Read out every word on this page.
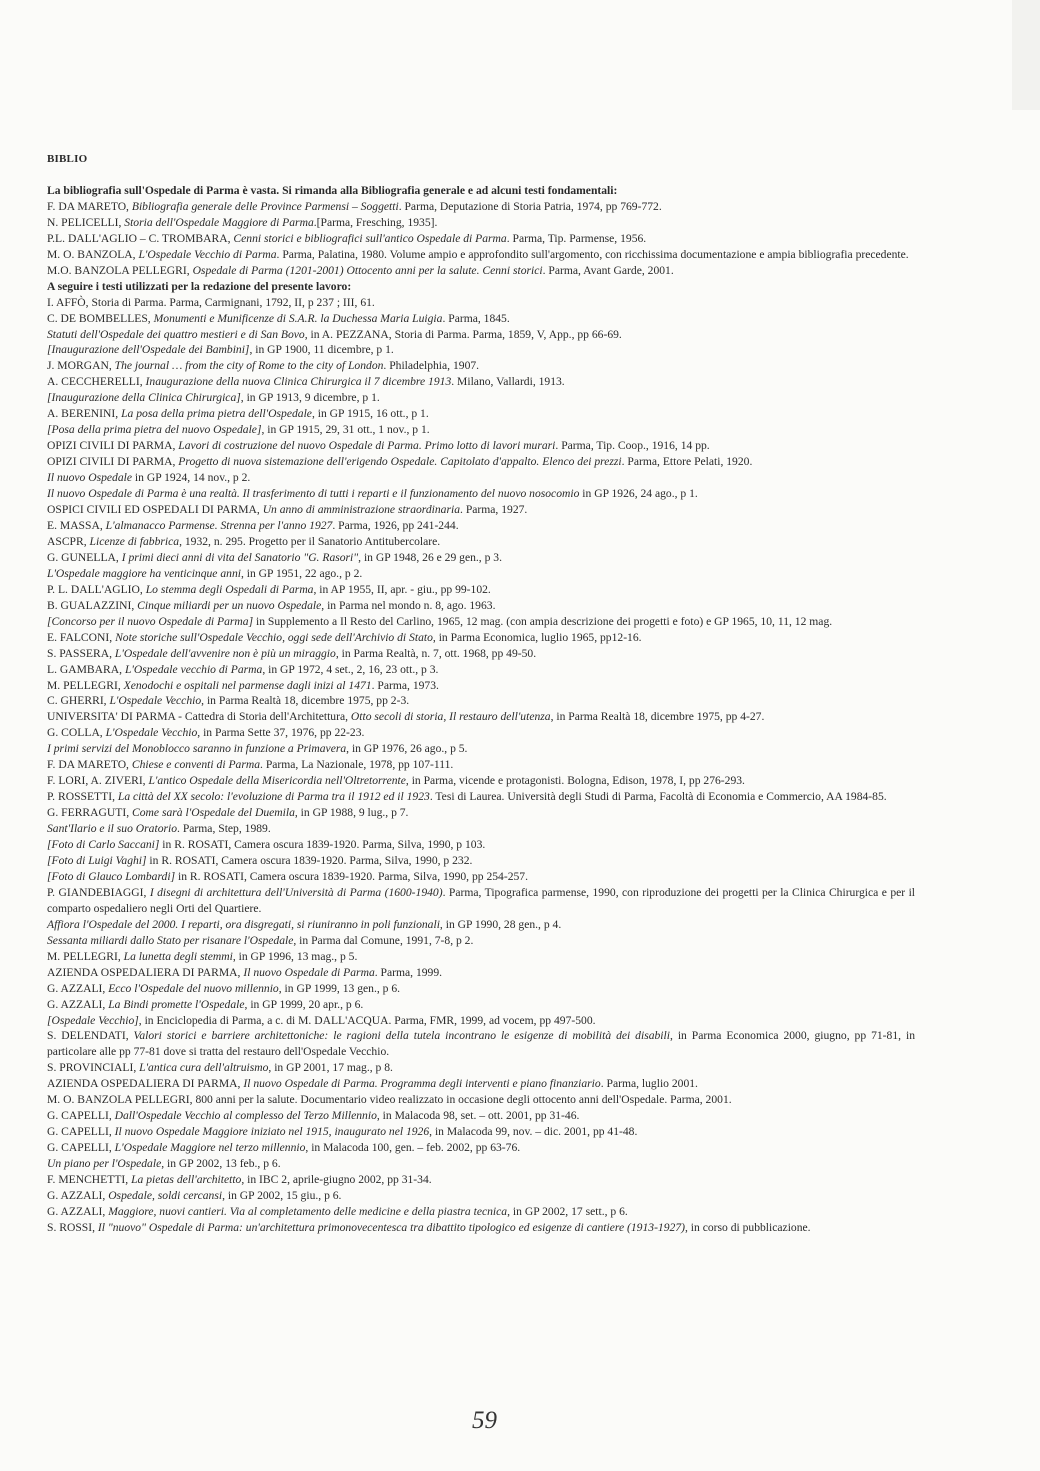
BIBLIO
La bibliografia sull'Ospedale di Parma è vasta. Si rimanda alla Bibliografia generale e ad alcuni testi fondamentali:
F. DA MARETO, Bibliografia generale delle Province Parmensi – Soggetti. Parma, Deputazione di Storia Patria, 1974, pp 769-772.
N. PELICELLI, Storia dell'Ospedale Maggiore di Parma.[Parma, Fresching, 1935].
P.L. DALL'AGLIO – C. TROMBARA, Cenni storici e bibliografici sull'antico Ospedale di Parma. Parma, Tip. Parmense, 1956.
M. O. BANZOLA, L'Ospedale Vecchio di Parma. Parma, Palatina, 1980. Volume ampio e approfondito sull'argomento, con ricchissima documentazione e ampia bibliografia precedente.
M.O. BANZOLA PELLEGRI, Ospedale di Parma (1201-2001) Ottocento anni per la salute. Cenni storici. Parma, Avant Garde, 2001.
A seguire i testi utilizzati per la redazione del presente lavoro:
I. AFFÒ, Storia di Parma. Parma, Carmignani, 1792, II, p 237 ; III, 61.
C. DE BOMBELLES, Monumenti e Munificenze di S.A.R. la Duchessa Maria Luigia. Parma, 1845.
Statuti dell'Ospedale dei quattro mestieri e di San Bovo, in A. PEZZANA, Storia di Parma. Parma, 1859, V, App., pp 66-69.
[Inaugurazione dell'Ospedale dei Bambini], in GP 1900, 11 dicembre, p 1.
J. MORGAN, The journal … from the city of Rome to the city of London. Philadelphia, 1907.
A. CECCHERELLI, Inaugurazione della nuova Clinica Chirurgica il 7 dicembre 1913. Milano, Vallardi, 1913.
[Inaugurazione della Clinica Chirurgica], in GP 1913, 9 dicembre, p 1.
A. BERENINI, La posa della prima pietra dell'Ospedale, in GP 1915, 16 ott., p 1.
[Posa della prima pietra del nuovo Ospedale], in GP 1915, 29, 31 ott., 1 nov., p 1.
OPIZI CIVILI DI PARMA, Lavori di costruzione del nuovo Ospedale di Parma. Primo lotto di lavori murari. Parma, Tip. Coop., 1916, 14 pp.
OPIZI CIVILI DI PARMA, Progetto di nuova sistemazione dell'erigendo Ospedale. Capitolato d'appalto. Elenco dei prezzi. Parma, Ettore Pelati, 1920.
Il nuovo Ospedale in GP 1924, 14 nov., p 2.
Il nuovo Ospedale di Parma è una realtà. Il trasferimento di tutti i reparti e il funzionamento del nuovo nosocomio in GP 1926, 24 ago., p 1.
OSPICI CIVILI ED OSPEDALI DI PARMA, Un anno di amministrazione straordinaria. Parma, 1927.
E. MASSA, L'almanacco Parmense. Strenna per l'anno 1927. Parma, 1926, pp 241-244.
ASCPR, Licenze di fabbrica, 1932, n. 295. Progetto per il Sanatorio Antitubercolare.
G. GUNELLA, I primi dieci anni di vita del Sanatorio "G. Rasori", in GP 1948, 26 e 29 gen., p 3.
L'Ospedale maggiore ha venticinque anni, in GP 1951, 22 ago., p 2.
P. L. DALL'AGLIO, Lo stemma degli Ospedali di Parma, in AP 1955, II, apr. - giu., pp 99-102.
B. GUALAZZINI, Cinque miliardi per un nuovo Ospedale, in Parma nel mondo n. 8, ago. 1963.
[Concorso per il nuovo Ospedale di Parma] in Supplemento a Il Resto del Carlino, 1965, 12 mag. (con ampia descrizione dei progetti e foto) e GP 1965, 10, 11, 12 mag.
E. FALCONI, Note storiche sull'Ospedale Vecchio, oggi sede dell'Archivio di Stato, in Parma Economica, luglio 1965, pp12-16.
S. PASSERA, L'Ospedale dell'avvenire non è più un miraggio, in Parma Realtà, n. 7, ott. 1968, pp 49-50.
L. GAMBARA, L'Ospedale vecchio di Parma, in GP 1972, 4 set., 2, 16, 23 ott., p 3.
M. PELLEGRI, Xenodochi e ospitali nel parmense dagli inizi al 1471. Parma, 1973.
C. GHERRI, L'Ospedale Vecchio, in Parma Realtà 18, dicembre 1975, pp 2-3.
UNIVERSITA' DI PARMA - Cattedra di Storia dell'Architettura, Otto secoli di storia, Il restauro dell'utenza, in Parma Realtà 18, dicembre 1975, pp 4-27.
G. COLLA, L'Ospedale Vecchio, in Parma Sette 37, 1976, pp 22-23.
I primi servizi del Monoblocco saranno in funzione a Primavera, in GP 1976, 26 ago., p 5.
F. DA MARETO, Chiese e conventi di Parma. Parma, La Nazionale, 1978, pp 107-111.
F. LORI, A. ZIVERI, L'antico Ospedale della Misericordia nell'Oltretorrente, in Parma, vicende e protagonisti. Bologna, Edison, 1978, I, pp 276-293.
P. ROSSETTI, La città del XX secolo: l'evoluzione di Parma tra il 1912 ed il 1923. Tesi di Laurea. Università degli Studi di Parma, Facoltà di Economia e Commercio, AA 1984-85.
G. FERRAGUTI, Come sarà l'Ospedale del Duemila, in GP 1988, 9 lug., p 7.
Sant'Ilario e il suo Oratorio. Parma, Step, 1989.
[Foto di Carlo Saccani] in R. ROSATI, Camera oscura 1839-1920. Parma, Silva, 1990, p 103.
[Foto di Luigi Vaghi] in R. ROSATI, Camera oscura 1839-1920. Parma, Silva, 1990, p 232.
[Foto di Glauco Lombardi] in R. ROSATI, Camera oscura 1839-1920. Parma, Silva, 1990, pp 254-257.
P. GIANDEBIAGGI, I disegni di architettura dell'Università di Parma (1600-1940). Parma, Tipografica parmense, 1990, con riproduzione dei progetti per la Clinica Chirurgica e per il comparto ospedaliero negli Orti del Quartiere.
Affiora l'Ospedale del 2000. I reparti, ora disgregati, si riuniranno in poli funzionali, in GP 1990, 28 gen., p 4.
Sessanta miliardi dallo Stato per risanare l'Ospedale, in Parma dal Comune, 1991, 7-8, p 2.
M. PELLEGRI, La lunetta degli stemmi, in GP 1996, 13 mag., p 5.
AZIENDA OSPEDALIERA DI PARMA, Il nuovo Ospedale di Parma. Parma, 1999.
G. AZZALI, Ecco l'Ospedale del nuovo millennio, in GP 1999, 13 gen., p 6.
G. AZZALI, La Bindi promette l'Ospedale, in GP 1999, 20 apr., p 6.
[Ospedale Vecchio], in Enciclopedia di Parma, a c. di M. DALL'ACQUA. Parma, FMR, 1999, ad vocem, pp 497-500.
S. DELENDATI, Valori storici e barriere architettoniche: le ragioni della tutela incontrano le esigenze di mobilità dei disabili, in Parma Economica 2000, giugno, pp 71-81, in particolare alle pp 77-81 dove si tratta del restauro dell'Ospedale Vecchio.
S. PROVINCIALI, L'antica cura dell'altruismo, in GP 2001, 17 mag., p 8.
AZIENDA OSPEDALIERA DI PARMA, Il nuovo Ospedale di Parma. Programma degli interventi e piano finanziario. Parma, luglio 2001.
M. O. BANZOLA PELLEGRI, 800 anni per la salute. Documentario video realizzato in occasione degli ottocento anni dell'Ospedale. Parma, 2001.
G. CAPELLI, Dall'Ospedale Vecchio al complesso del Terzo Millennio, in Malacoda 98, set. – ott. 2001, pp 31-46.
G. CAPELLI, Il nuovo Ospedale Maggiore iniziato nel 1915, inaugurato nel 1926, in Malacoda 99, nov. – dic. 2001, pp 41-48.
G. CAPELLI, L'Ospedale Maggiore nel terzo millennio, in Malacoda 100, gen. – feb. 2002, pp 63-76.
Un piano per l'Ospedale, in GP 2002, 13 feb., p 6.
F. MENCHETTI, La pietas dell'architetto, in IBC 2, aprile-giugno 2002, pp 31-34.
G. AZZALI, Ospedale, soldi cercansi, in GP 2002, 15 giu., p 6.
G. AZZALI, Maggiore, nuovi cantieri. Via al completamento delle medicine e della piastra tecnica, in GP 2002, 17 sett., p 6.
S. ROSSI, Il "nuovo" Ospedale di Parma: un'architettura primonovecentesca tra dibattito tipologico ed esigenze di cantiere (1913-1927), in corso di pubblicazione.
59
